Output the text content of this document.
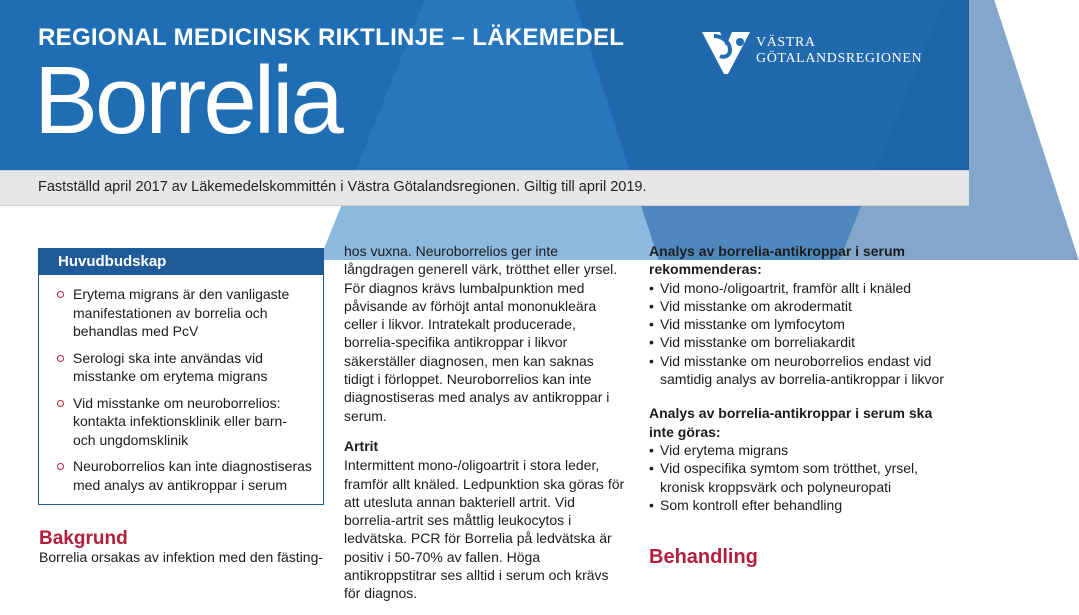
REGIONAL MEDICINSK RIKTLINJE – LÄKEMEDEL
Borrelia
VÄSTRA
GÖTALANDSREGIONEN
Fastställd april 2017 av Läkemedelskommittén i Västra Götalandsregionen. Giltig till april 2019.
Huvudbudskap
Erytema migrans är den vanligaste manifestationen av borrelia och behandlas med PcV
Serologi ska inte användas vid misstanke om erytema migrans
Vid misstanke om neuroborrelios: kontakta infektionsklinik eller barn- och ungdomsklinik
Neuroborrelios kan inte diagnostiseras med analys av antikroppar i serum
Bakgrund
Borrelia orsakas av infektion med den fästing-

hos vuxna. Neuroborrelios ger inte långdragen generell värk, trötthet eller yrsel. För diagnos krävs lumbalpunktion med påvisande av förhöjt antal mononukleära celler i likvor. Intratekalt producerade, borrelia-specifika antikroppar i likvor säkerställer diagnosen, men kan saknas tidigt i förloppet. Neuroborrelios kan inte diagnostiseras med analys av antikroppar i serum.

Artrit

Intermittent mono-/oligoartrit i stora leder, framför allt knäled. Ledpunktion ska göras för att utesluta annan bakteriell artrit. Vid borrelia-artrit ses måttlig leukocytos i ledvätska. PCR för Borrelia på ledvätska är positiv i 50-70% av fallen. Höga antikroppstitrar ses alltid i serum och krävs för diagnos.

Analys av borrelia-antikroppar i serum rekommenderas:
• Vid mono-/oligoartrit, framför allt i knäled
• Vid misstanke om akrodermatit
• Vid misstanke om lymfocytom
• Vid misstanke om borreliakardit
• Vid misstanke om neuroborrelios endast vid samtidig analys av borrelia-antikroppar i likvor
Analys av borrelia-antikroppar i serum ska inte göras:
• Vid erytema migrans
• Vid ospecifika symtom som trötthet, yrsel, kronisk kroppsvärk och polyneuropati
• Som kontroll efter behandling
Behandling
